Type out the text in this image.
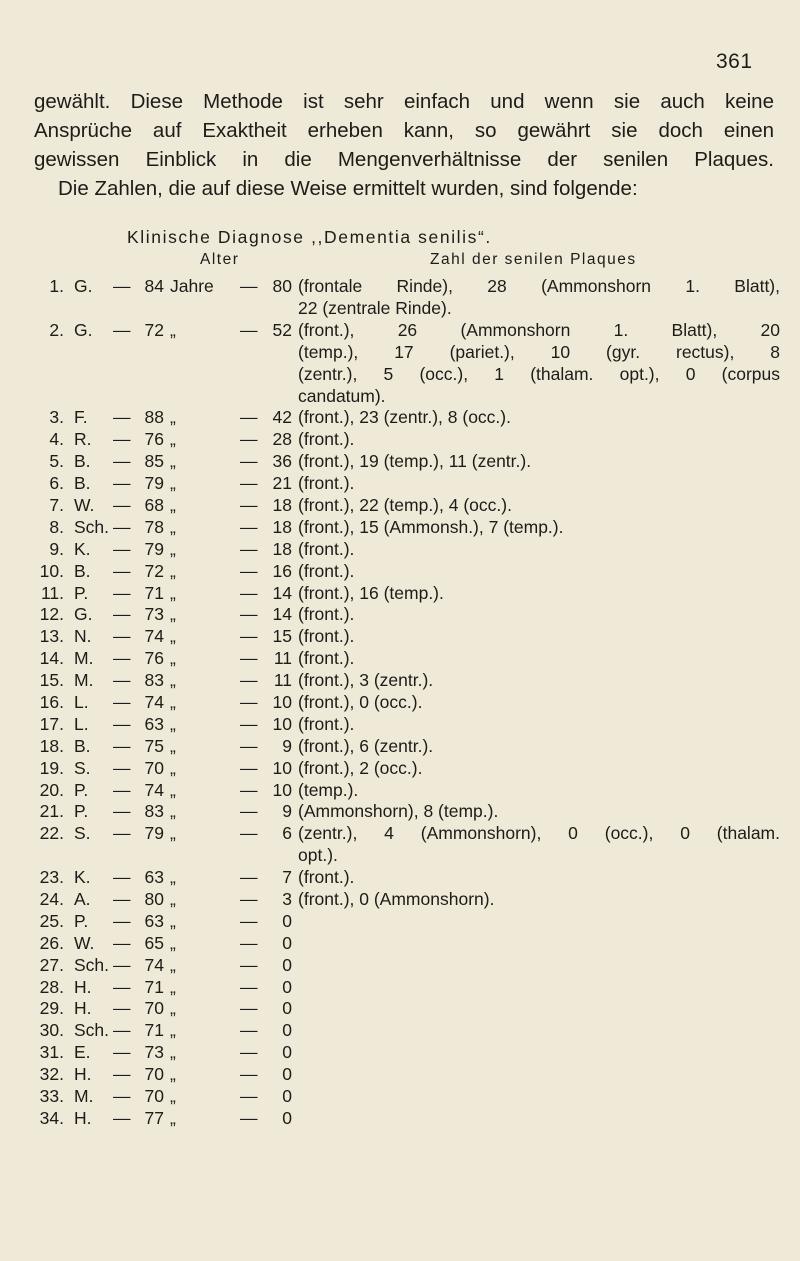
361

gewählt. Diese Methode ist sehr einfach und wenn sie auch keine

Ansprüche auf Exaktheit erheben kann, so gewährt sie doch einen

gewissen Einblick in die Mengenverhältnisse der senilen Plaques.

Die Zahlen, die auf diese Weise ermittelt wurden, sind folgende:

Klinische Diagnose ,,Dementia senilis“.
Alter	Zahl der senilen Plaques
1. G. — 84 Jahre — 80 (frontale Rinde), 28 (Ammonshorn 1. Blatt),
22 (zentrale Rinde).
2. G. — 72 „	— 52 (front.), 26 (Ammonshorn 1. Blatt), 20
(temp.), 17 (pariet.), 10 (gyr. rectus), 8
(zentr.), 5 (occ.), 1 (thalam. opt.), 0 (corpus
candatum).
3. F. — 88 „	— 42 (front.), 23 (zentr.), 8 (occ.).
4. R. — 76 „	— 28 (front.).
5. B. — 85 „	— 36 (front.), 19 (temp.), 11 (zentr.).
6. B. — 79 „	— 21 (front.).
7. W. — 68 „	— 18 (front.), 22 (temp.), 4 (occ.).
8. Sch. — 78 „	— 18 (front.), 15 (Ammonsh.), 7 (temp.).
9. K. — 79 „	— 18 (front.).
10. B. — 72 „	— 16 (front.).
11. P. — 71 „	— 14 (front.), 16 (temp.).
12. G. — 73 „	— 14 (front.).
13. N. — 74 „	— 15 (front.).
14. M. — 76 „	— 11 (front.).
15. M. — 83 „	— 11 (front.), 3 (zentr.).
16. L. — 74 „	— 10 (front.), 0 (occ.).
17. L. — 63 „	— 10 (front.).
18. B. — 75 „	—	9 (front.), 6 (zentr.).
19. S. — 70 „	— 10 (front.), 2 (occ.).
20. P. — 74 „	— 10 (temp.).
21. P. — 83 „	—	9 (Ammonshorn), 8 (temp.).
22. S. — 79 „	—	6 (zentr.), 4 (Ammonshorn), 0 (occ.), 0 (thalam.
opt.).
23. K. — 63 „	—	7 (front.).
24. A. — 80 „	—	3 (front.), 0 (Ammonshorn).
25. P. — 63 „	—	0
26. W. — 65 „	—	0
27. Sch. — 74 „	—	0
28. H. — 71 „	—	0
29. H. — 70 „	—	0
30. Sch. — 71 „	—	0
31. E. — 73 „	—	0
32. H. — 70 „	—	0
33. M. — 70 „	—	0
34. H. — 77 „	—	0
